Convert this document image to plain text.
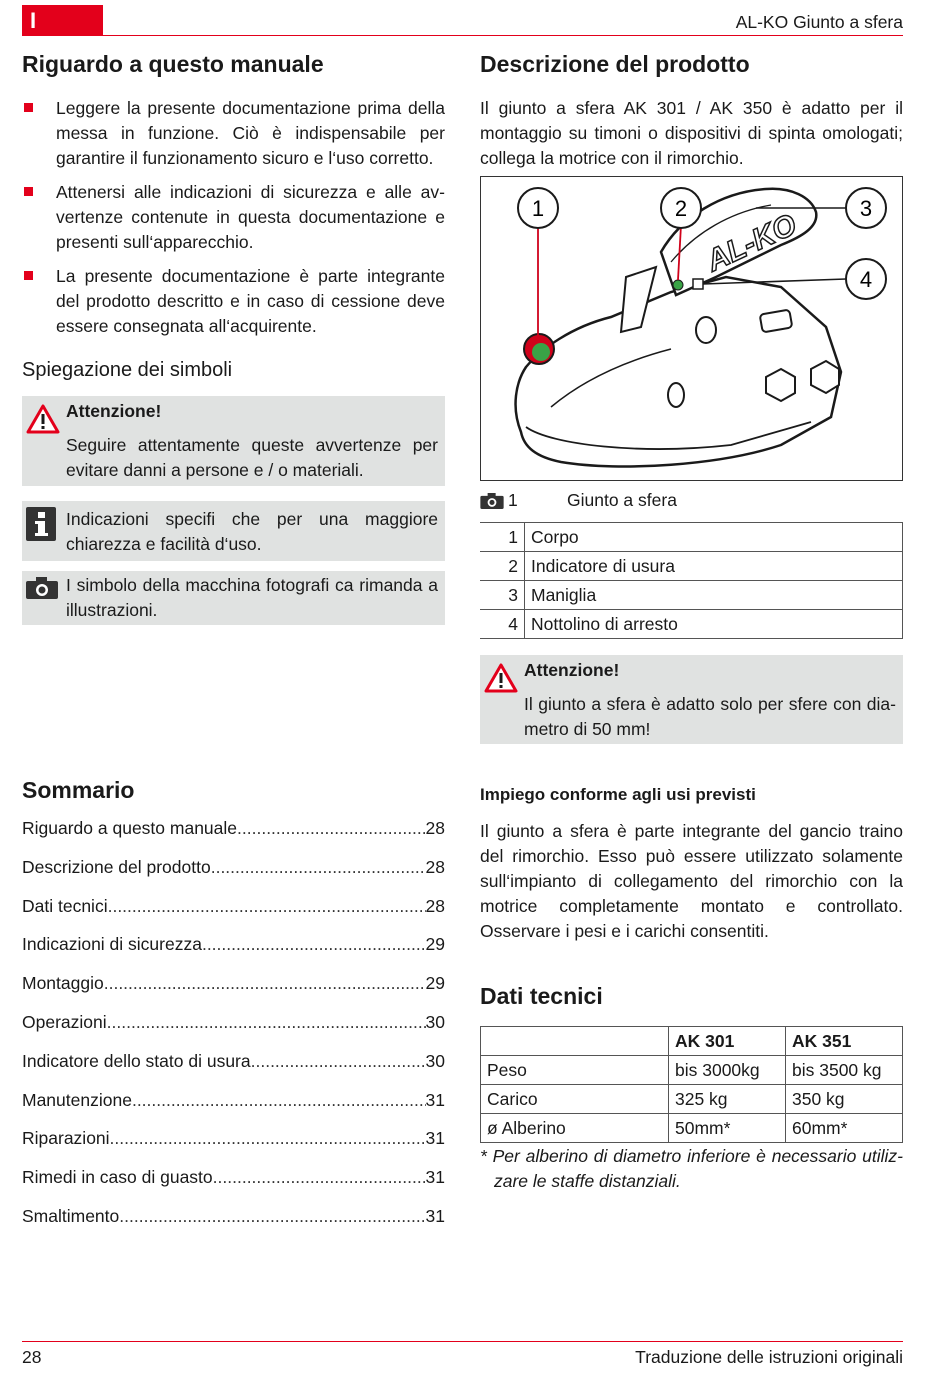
I	AL-KO Giunto a sfera
Riguardo a questo manuale
Leggere la presente documentazione prima della messa in funzione. Ciò è indispensabile per garantire il funzionamento sicuro e l‘uso corretto.
Attenersi alle indicazioni di sicurezza e alle avvertenze contenute in questa documentazione e presenti sull‘apparecchio.
La presente documentazione è parte integrante del prodotto descritto e in caso di cessione deve essere consegnata all‘acquirente.
Spiegazione dei simboli
Attenzione!
Seguire attentamente queste avvertenze per evitare danni a persone e / o materiali.
Indicazioni specifi che per una maggiore chiarezza e facilità d‘uso.
I simbolo della macchina fotografi ca rimanda a illustrazioni.
Descrizione del prodotto
Il giunto a sfera AK 301 / AK 350 è adatto per il montaggio su timoni o dispositivi di spinta omologati; collega la motrice con il rimorchio.
AL-KO
1	2	3
4
1	Giunto a sfera
1	Corpo
2	Indicatore di usura
3	Maniglia
4	Nottolino di arresto
Attenzione!
Il giunto a sfera è adatto solo per sfere con diametro di 50 mm!
Sommario
Riguardo a questo manuale .....	28
Descrizione del prodotto .....	28
Dati tecnici .....	28
Indicazioni di sicurezza .....	29
Montaggio .....	29
Operazioni .....	30
Indicatore dello stato di usura .....	30
Manutenzione .....	31
Riparazioni .....	31
Rimedi in caso di guasto .....	31
Smaltimento .....	31
Impiego conforme agli usi previsti
Il giunto a sfera è parte integrante del gancio traino del rimorchio. Esso può essere utilizzato solamente sull‘impianto di collegamento del rimorchio con la motrice completamente montato e controllato. Osservare i pesi e i carichi consentiti.
Dati tecnici
	AK 301	AK 351
Peso	bis 3000kg	bis 3500 kg
Carico	325 kg	350 kg
ø Alberino	50mm*	60mm*
* Per alberino di diametro inferiore è necessario utilizzare le staffe distanziali.
28	Traduzione delle istruzioni originali
